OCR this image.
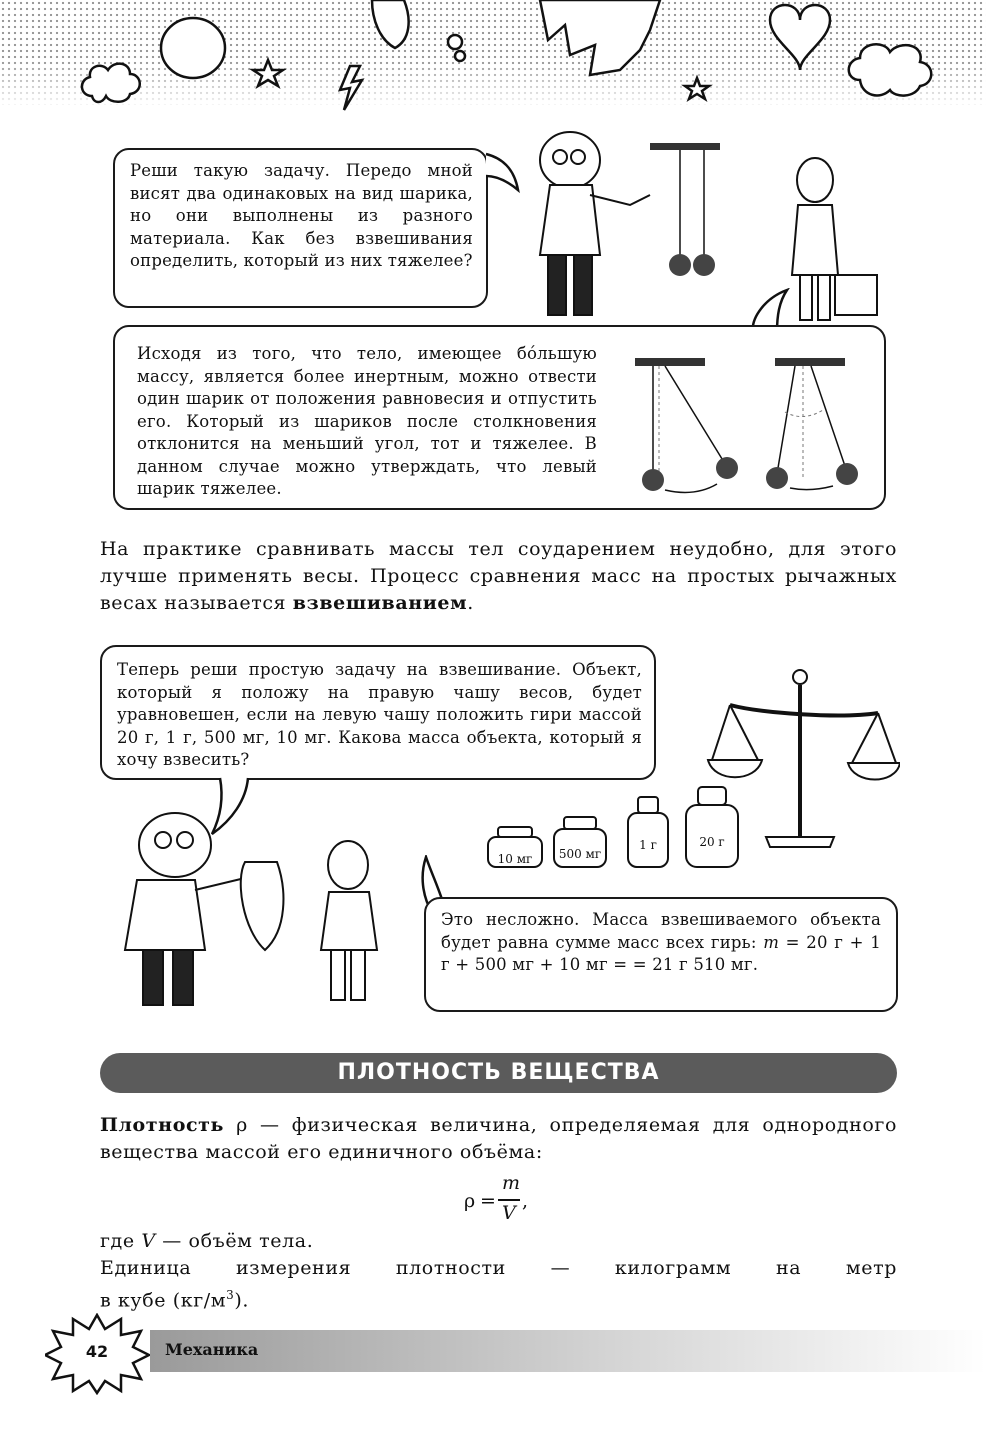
Реши такую задачу. Передо мной висят два одинаковых на вид шарика, но они выполнены из разного материала. Как без взвешивания определить, который из них тяжелее?
Исходя из того, что тело, имеющее бóльшую массу, является более инертным, можно отвести один шарик от положения равновесия и отпустить его. Который из шариков после столкновения отклонится на меньший угол, тот и тяжелее. В данном случае можно утверждать, что левый шарик тяжелее.
На практике сравнивать массы тел соударением неудобно, для этого лучше применять весы. Процесс сравнения масс на простых рычажных весах называется взвешиванием.
Теперь реши простую задачу на взвешивание. Объект, который я положу на правую чашу весов, будет уравновешен, если на левую чашу положить гири массой 20 г, 1 г, 500 мг, 10 мг. Какова масса объекта, который я хочу взвесить?
10 мг	500 мг
1 г	20 г
Это несложно. Масса взвешиваемого объекта будет равна сумме масс всех гирь: m = 20 г + 1 г + 500 мг + 10 мг = = 21 г 510 мг.
ПЛОТНОСТЬ ВЕЩЕСТВА
Плотность ρ — физическая величина, определяемая для однородного вещества массой его единичного объёма:
ρ =
m
V
,
где V — объём тела.
Единица измерения плотности — килограмм на метр
в кубе $(кг/м^3)$.
42	Механика
